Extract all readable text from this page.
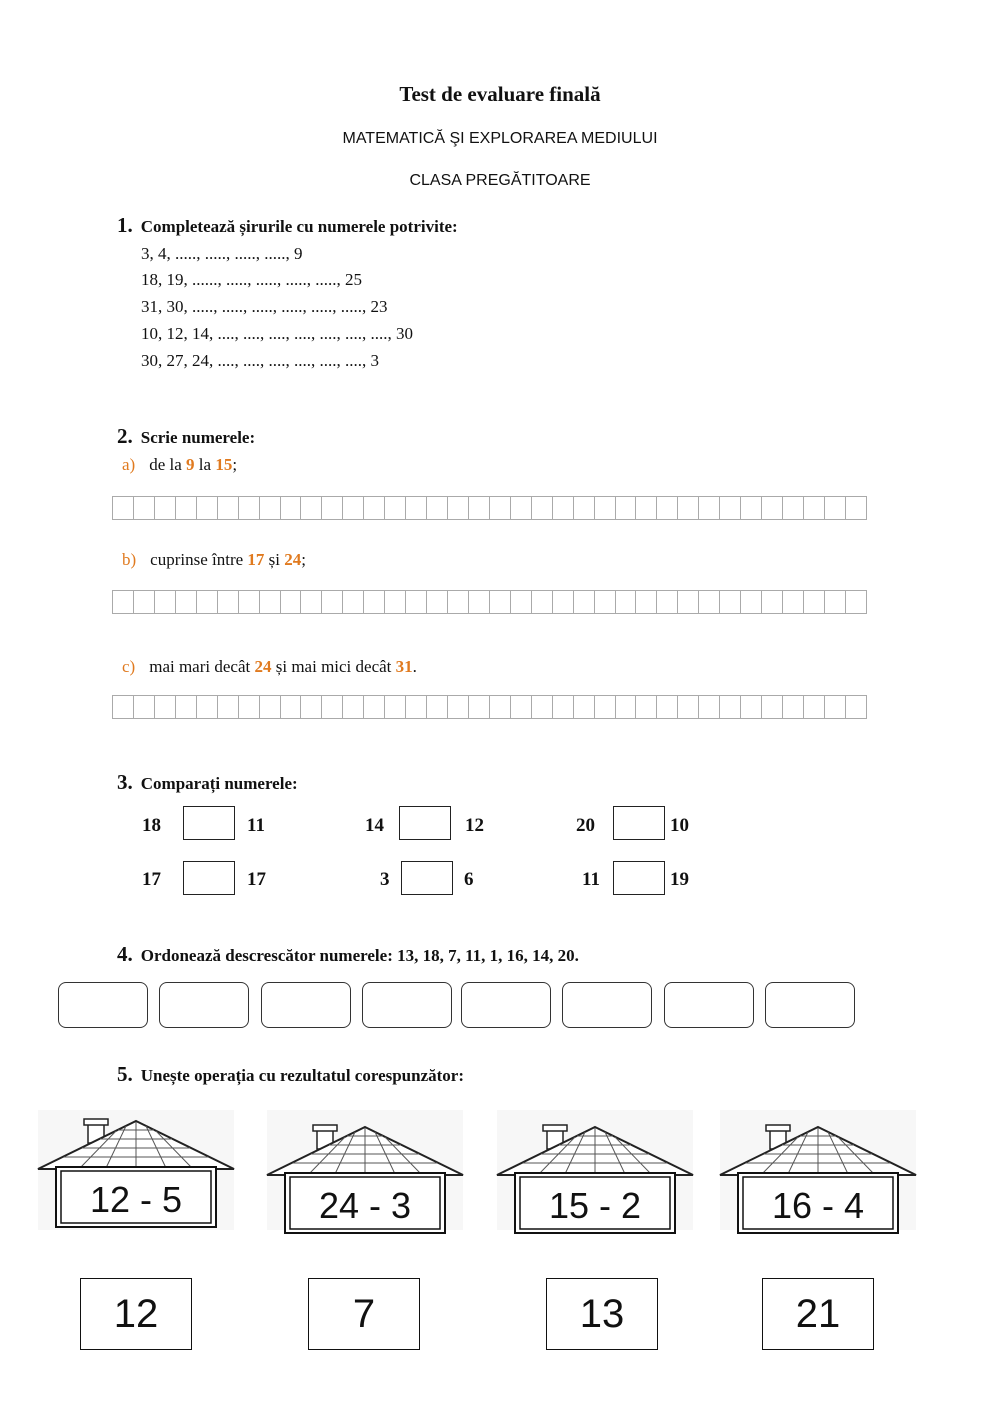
Test de evaluare finală
MATEMATICĂ ŞI EXPLORAREA MEDIULUI
CLASA PREGĂTITOARE
1. Completează șirurile cu numerele potrivite:
3, 4, ....., ....., ....., ....., 9
18, 19, ......, ....., ....., ....., ....., 25
31, 30, ....., ....., ....., ....., ....., ....., 23
10, 12, 14, ...., ...., ...., ...., ...., ...., ...., 30
30, 27, 24, ...., ...., ...., ...., ...., ...., 3
2. Scrie numerele:
a) de la 9 la 15;
b) cuprinse între 17 și 24;
c) mai mari decât 24 și mai mici decât 31.
3. Comparați numerele:
18	11	14	12	20	10
17	17	3	6	11	19
4. Ordonează descrescător numerele: 13, 18, 7, 11, 1, 16, 14, 20.
5. Unește operația cu rezultatul corespunzător:
12 - 5	24 - 3	15 - 2	16 - 4
12	7	13	21
